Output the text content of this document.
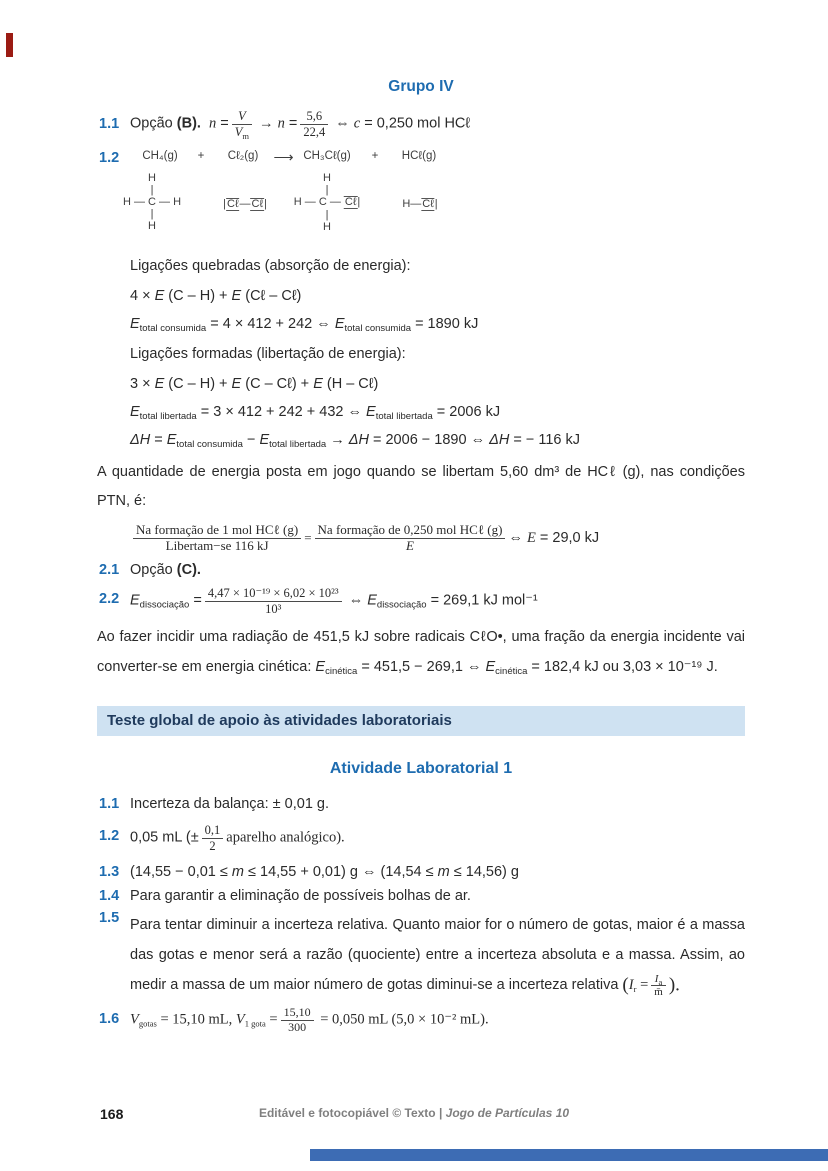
Grupo IV
1.1 Opção (B). $n = \frac{V}{V_m} \to n = \frac{5,6}{22,4}$ ⇔ c = 0,250 mol HCℓ
1.2 CH₄(g) + Cℓ₂(g) ⟶ CH₃Cℓ(g) + HCℓ(g)
H
|
H — C — H
|
H
|Cℓ—Cℓ|
H
|
H — C — Cℓ|
|
H
H—Cℓ|

Ligações quebradas (absorção de energia):

4 × E (C – H) + E (Cℓ – Cℓ)

$E_{total consumida} = 4 \times 412 + 242$ ⇔ $E_{total consumida} = 1890$ kJ

Ligações formadas (libertação de energia):

3 × E (C – H) + E (C – Cℓ) + E (H – Cℓ)

$E_{total libertada} = 3 \times 412 + 242 + 432$ ⇔ $E_{total libertada} = 2006$ kJ

$\Delta H = E_{total consumida} - E_{total libertada} \to \Delta H = 2006 - 1890$ ⇔ ΔH = − 116 kJ

A quantidade de energia posta em jogo quando se libertam 5,60 dm³ de HCℓ (g), nas condições PTN, é:

$\frac{\text{Na formação de 1 mol HCℓ (g)}}{\text{Libertam−se 116 kJ}} = \frac{\text{Na formação de 0,250 mol HCℓ (g)}}{E}$ ⇔ E = 29,0 kJ
2.1 Opção (C).
2.2 $E_{dissociação} = \frac{\text{4,47 × 10⁻¹⁹ × 6,02 × 10²³}}{\text{10³}}$ ⇔ $E_{dissociação} = 269,1$ kJ mol⁻¹

Ao fazer incidir uma radiação de 451,5 kJ sobre radicais CℓO•, uma fração da energia incidente vai converter-se em energia cinética: $E_{cinética} = 451,5 - 269,1$ ⇔ $E_{cinética} = 182,4$ kJ ou 3,03 × 10⁻¹⁹ J.

Teste global de apoio às atividades laboratoriais
Atividade Laboratorial 1
1.1 Incerteza da balança: ± 0,01 g.
1.2 0,05 mL (± $\frac{0,1}{2}$ aparelho analógico).
1.3 (14,55 − 0,01 ≤ m ≤ 14,55 + 0,01) g ⇔ (14,54 ≤ m ≤ 14,56) g
1.4 Para garantir a eliminação de possíveis bolhas de ar.
1.5 Para tentar diminuir a incerteza relativa. Quanto maior for o número de gotas, maior é a massa das gotas e menor será a razão (quociente) entre a incerteza absoluta e a massa. Assim, ao medir a massa de um maior número de gotas diminui-se a incerteza relativa ($I_r = \frac{I_a}{m̄}$ ).

1.6 $V_{gotas} = 15,10$ mL, $V_{1 gota} = \frac{15,10}{300} = 0,050$ mL (5,0 × 10⁻² mL).
168	Editável e fotocopiável © Texto | Jogo de Partículas 10
